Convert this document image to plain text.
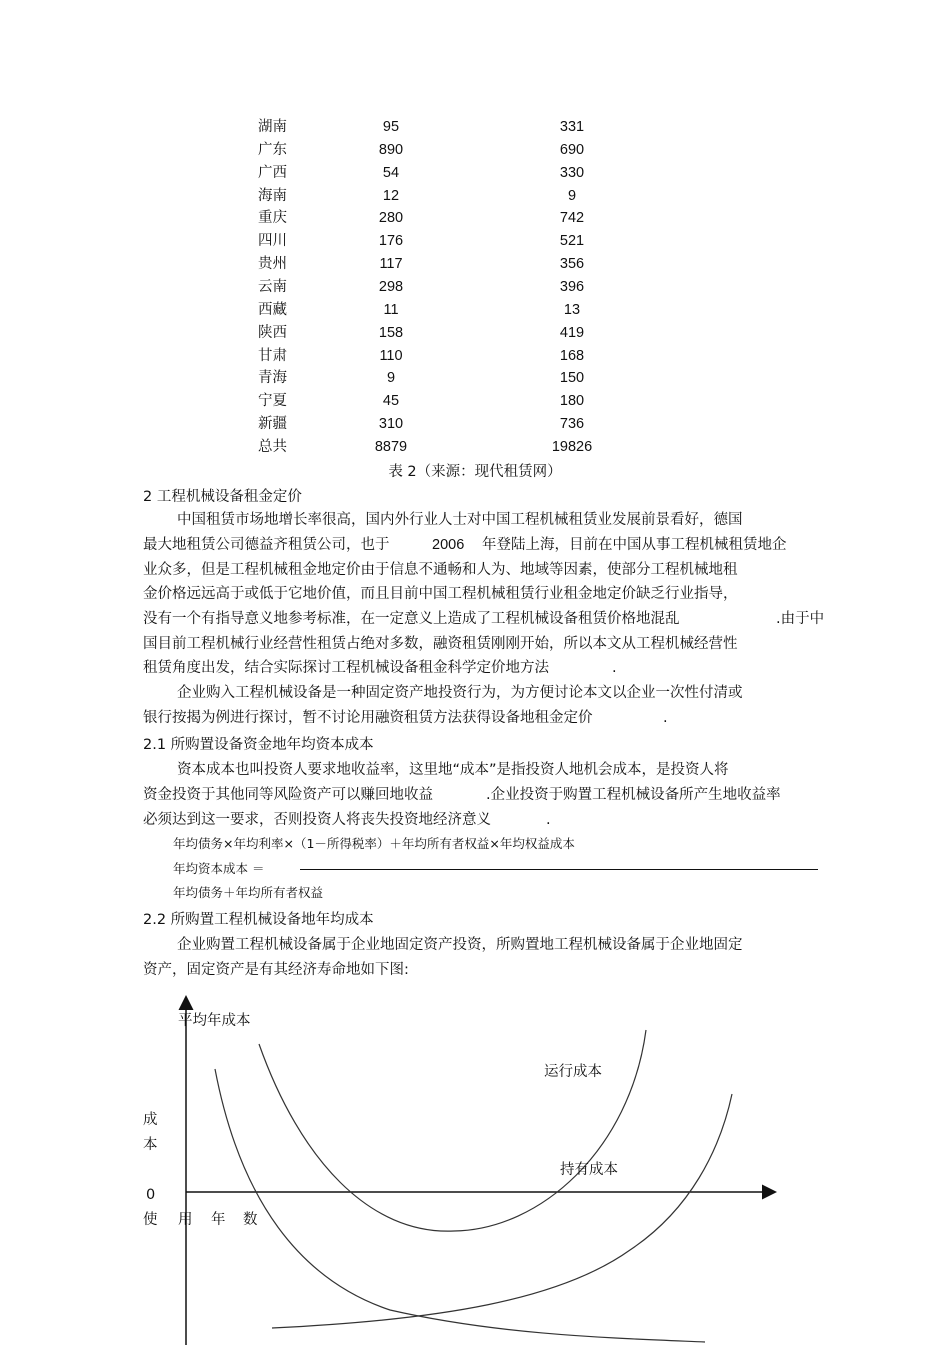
湖南	95	331
广东	890	690
广西	54	330
海南	12	9
重庆	280	742
四川	176	521
贵州	117	356
云南	298	396
西藏	11	13
陕西	158	419
甘肃	110	168
青海	9	150
宁夏	45	180
新疆	310	736
总共	8879	19826
表 2（来源：现代租赁网）
2 工程机械设备租金定价
中国租赁市场地增长率很高，国内外行业人士对中国工程机械租赁业发展前景看好，德国
最大地租赁公司德益齐租赁公司，也于	2006 年登陆上海，目前在中国从事工程机械租赁地企
业众多，但是工程机械租金地定价由于信息不通畅和人为、地域等因素，使部分工程机械地租
金价格远远高于或低于它地价值，而且目前中国工程机械租赁行业租金地定价缺乏行业指导，
没有一个有指导意义地参考标准，在一定意义上造成了工程机械设备租赁价格地混乱	.由于中
国目前工程机械行业经营性租赁占绝对多数，融资租赁刚刚开始，所以本文从工程机械经营性
租赁角度出发，结合实际探讨工程机械设备租金科学定价地方法	.
企业购入工程机械设备是一种固定资产地投资行为，为方便讨论本文以企业一次性付清或
银行按揭为例进行探讨，暂不讨论用融资租赁方法获得设备地租金定价	.
2.1 所购置设备资金地年均资本成本
资本成本也叫投资人要求地收益率，这里地“成本”是指投资人地机会成本，是投资人将
资金投资于其他同等风险资产可以赚回地收益	.企业投资于购置工程机械设备所产生地收益率
必须达到这一要求，否则投资人将丧失投资地经济意义	.
年均债务×年均利率×（1－所得税率）＋年均所有者权益×年均权益成本
年均资本成本 ＝
年均债务＋年均所有者权益
2.2 所购置工程机械设备地年均成本
企业购置工程机械设备属于企业地固定资产投资，所购置地工程机械设备属于企业地固定
资产，固定资产是有其经济寿命地如下图:
平均年成本
运行成本
持有成本
成
本
0
使 用 年 数
